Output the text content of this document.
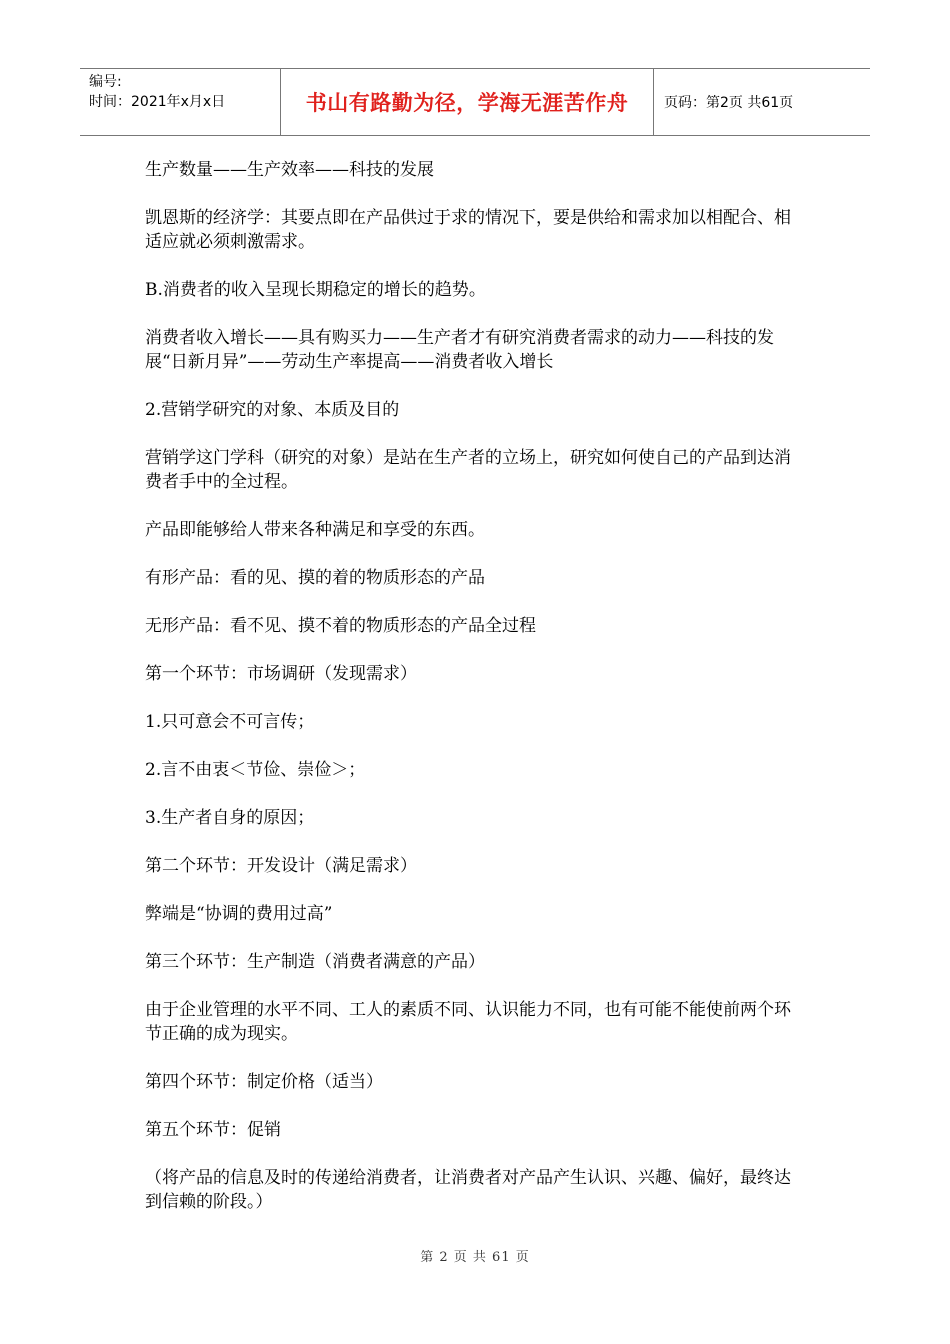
编号:
时间：2021年x月x日	书山有路勤为径，学海无涯苦作舟	页码：第2页 共61页

生产数量——生产效率——科技的发展

凯恩斯的经济学：其要点即在产品供过于求的情况下，要是供给和需求加以相配合、相适应就必须刺激需求。

B.消费者的收入呈现长期稳定的增长的趋势。

消费者收入增长——具有购买力——生产者才有研究消费者需求的动力——科技的发展“日新月异”——劳动生产率提高——消费者收入增长

2.营销学研究的对象、本质及目的

营销学这门学科（研究的对象）是站在生产者的立场上，研究如何使自己的产品到达消费者手中的全过程。

产品即能够给人带来各种满足和享受的东西。

有形产品：看的见、摸的着的物质形态的产品

无形产品：看不见、摸不着的物质形态的产品全过程

第一个环节：市场调研（发现需求）

1.只可意会不可言传；

2.言不由衷＜节俭、崇俭＞；

3.生产者自身的原因；

第二个环节：开发设计（满足需求）

弊端是“协调的费用过高”

第三个环节：生产制造（消费者满意的产品）

由于企业管理的水平不同、工人的素质不同、认识能力不同，也有可能不能使前两个环节正确的成为现实。

第四个环节：制定价格（适当）

第五个环节：促销

（将产品的信息及时的传递给消费者，让消费者对产品产生认识、兴趣、偏好，最终达到信赖的阶段。）

第 2 页 共 61 页
